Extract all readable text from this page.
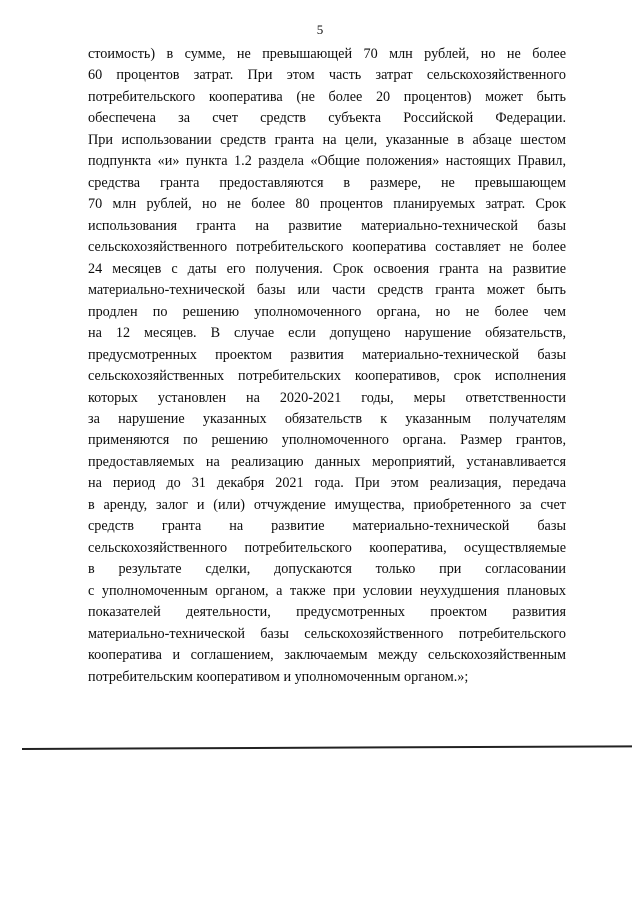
5
стоимость) в сумме, не превышающей 70 млн рублей, но не более
60 процентов затрат. При этом часть затрат сельскохозяйственного
потребительского кооператива (не более 20 процентов) может быть
обеспечена за счет средств субъекта Российской Федерации.
При использовании средств гранта на цели, указанные в абзаце шестом
подпункта «и» пункта 1.2 раздела «Общие положения» настоящих Правил,
средства гранта предоставляются в размере, не превышающем
70 млн рублей, но не более 80 процентов планируемых затрат. Срок
использования гранта на развитие материально-технической базы
сельскохозяйственного потребительского кооператива составляет не более
24 месяцев с даты его получения. Срок освоения гранта на развитие
материально-технической базы или части средств гранта может быть
продлен по решению уполномоченного органа, но не более чем
на 12 месяцев. В случае если допущено нарушение обязательств,
предусмотренных проектом развития материально-технической базы
сельскохозяйственных потребительских кооперативов, срок исполнения
которых установлен на 2020-2021 годы, меры ответственности
за нарушение указанных обязательств к указанным получателям
применяются по решению уполномоченного органа. Размер грантов,
предоставляемых на реализацию данных мероприятий, устанавливается
на период до 31 декабря 2021 года. При этом реализация, передача
в аренду, залог и (или) отчуждение имущества, приобретенного за счет
средств гранта на развитие материально-технической базы
сельскохозяйственного потребительского кооператива, осуществляемые
в результате сделки, допускаются только при согласовании
с уполномоченным органом, а также при условии неухудшения плановых
показателей деятельности, предусмотренных проектом развития
материально-технической базы сельскохозяйственного потребительского
кооператива и соглашением, заключаемым между сельскохозяйственным
потребительским кооперативом и уполномоченным органом.»;
